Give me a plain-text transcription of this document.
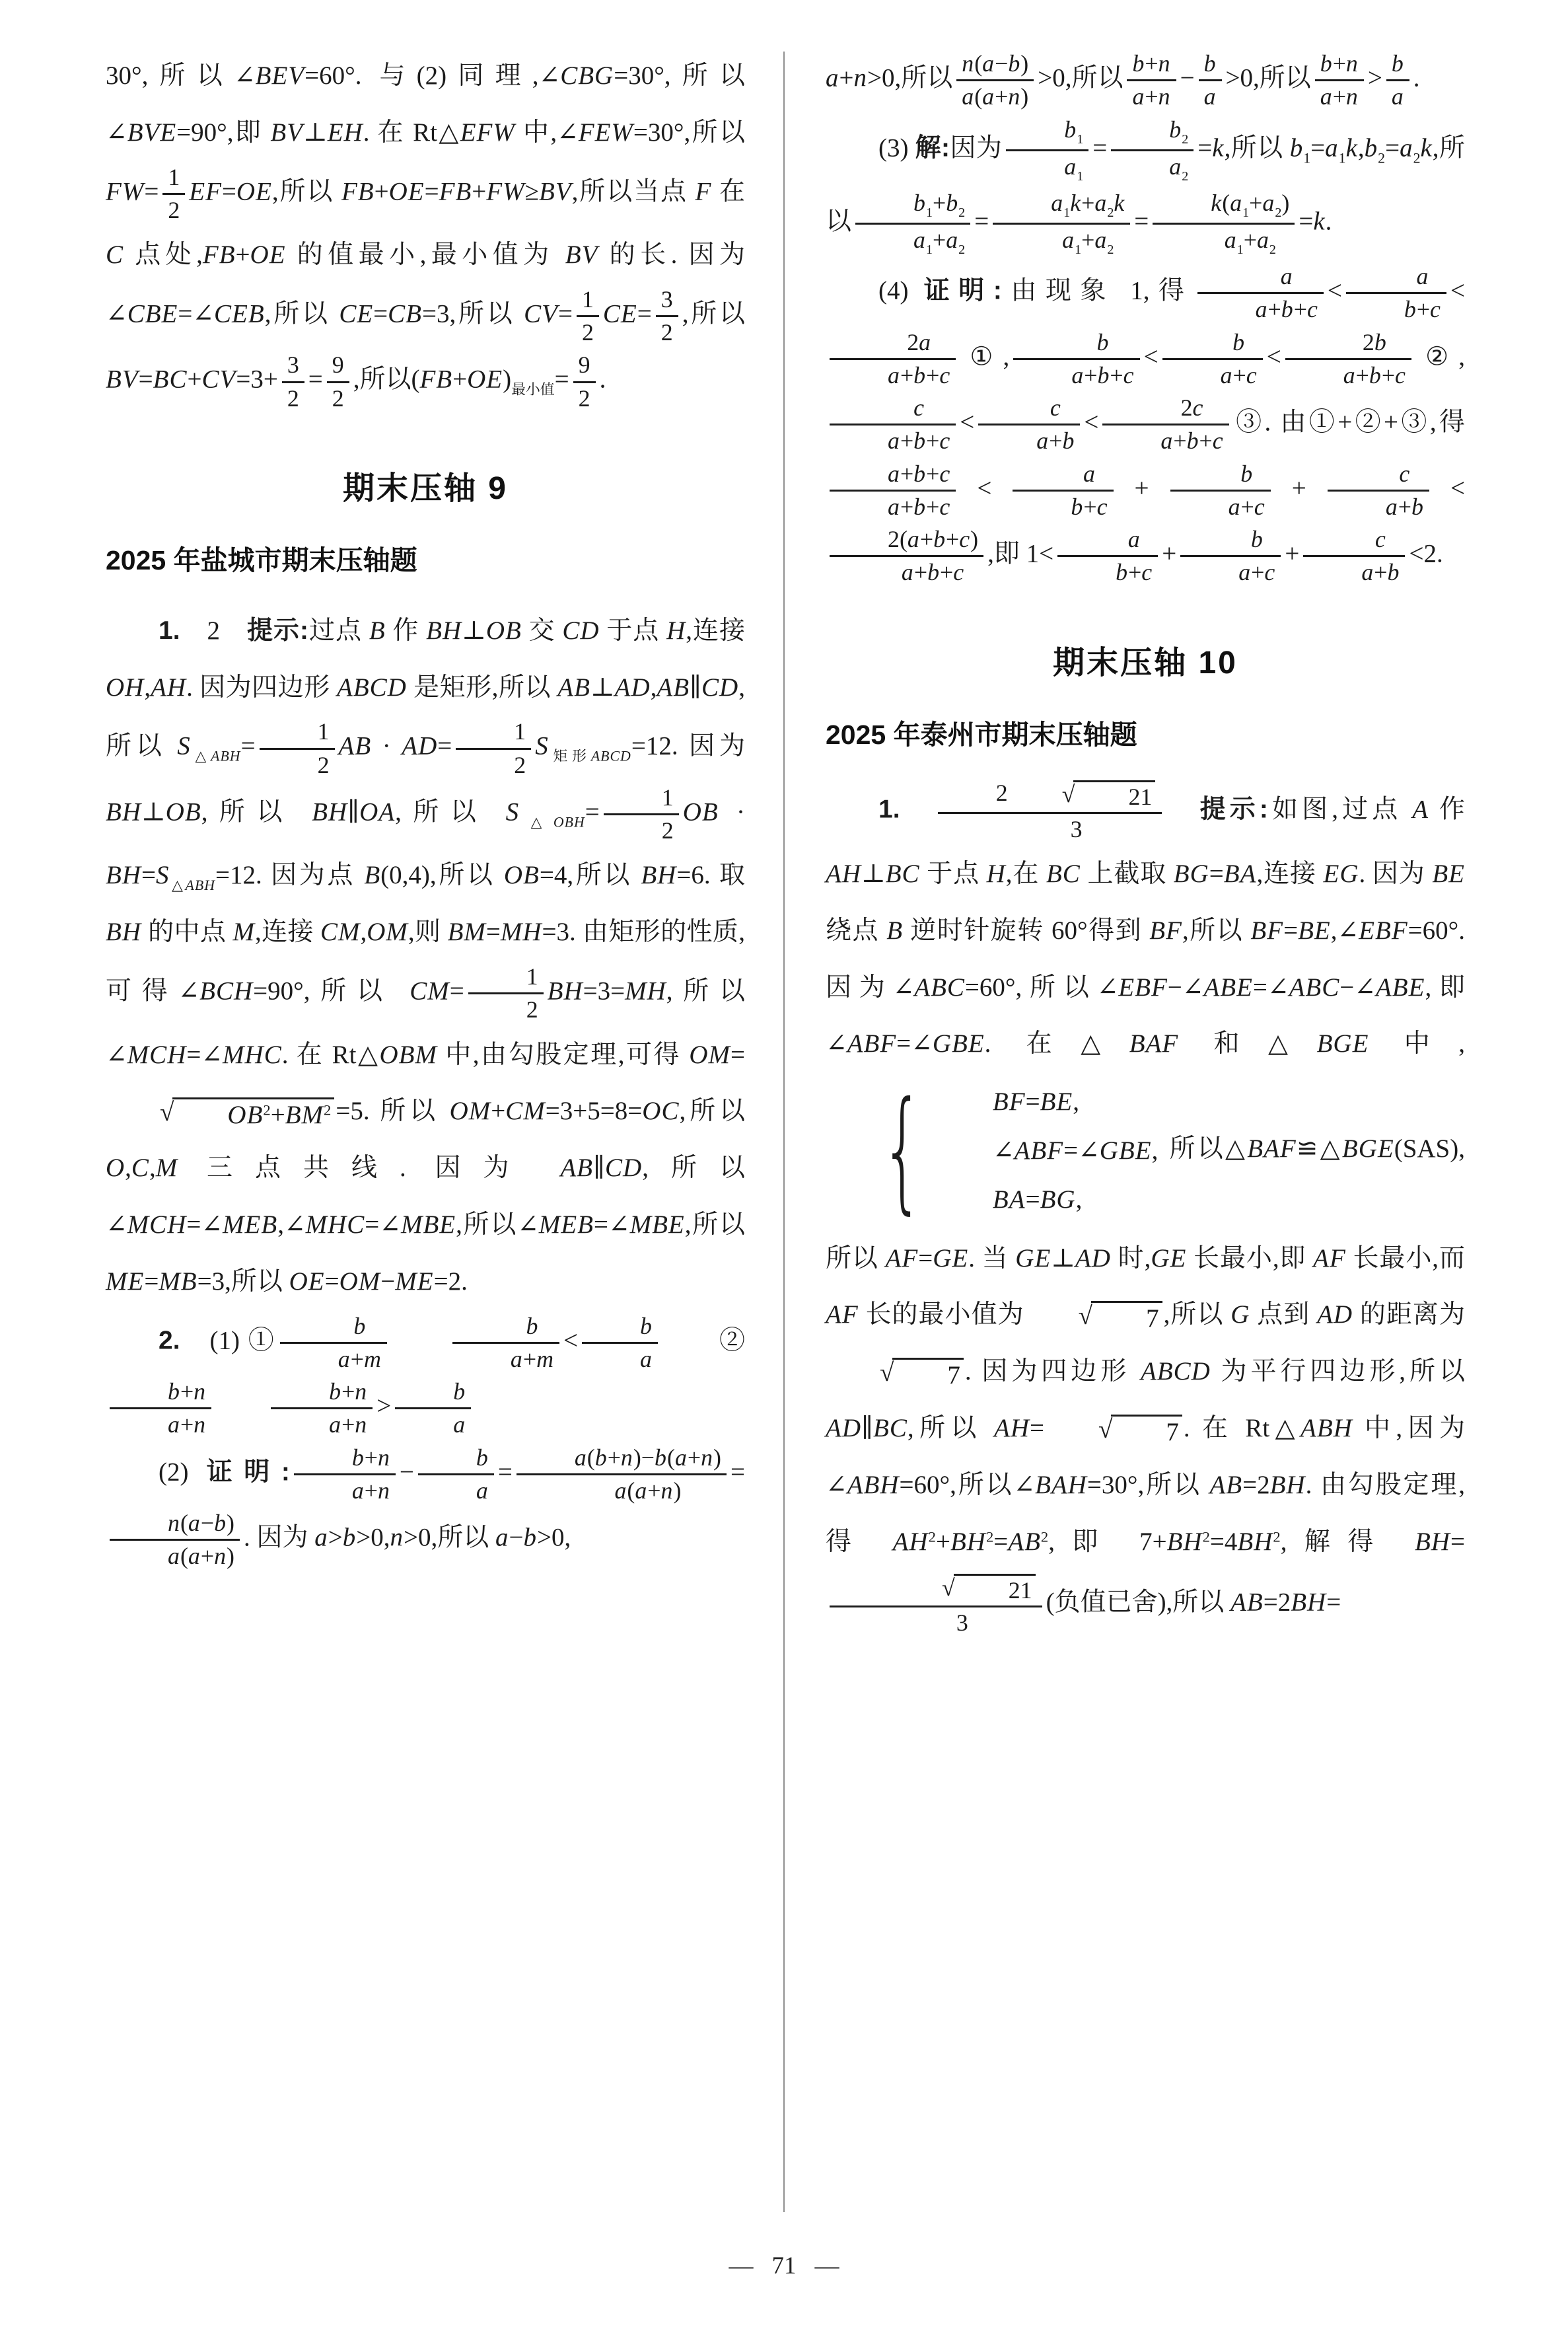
30°,所以∠BEV=60°. 与(2)同理,∠CBG=30°,所以∠BVE=90°,即 BV⊥EH. 在 Rt△EFW 中,∠FEW=30°,所以 $FW= \frac{1}{2} EF=OE$,所以 FB+OE=FB+FW≥BV,所以当点 F 在 C 点处,FB+OE 的值最小,最小值为 BV 的长. 因为∠CBE=∠CEB,所以 CE=CB=3,所以 $CV= \frac{1}{2} CE= \frac{3}{2}$ ,所以 $BV=BC+CV=3+ \frac{3}{2} = \frac{9}{2}$ ,所以$(FB+OE)_{最小值}= \frac{9}{2}$ .

期末压轴 9
2025 年盐城市期末压轴题

1.　2　提示:过点 B 作 BH⊥OB 交 CD 于点 H,连接 OH,AH. 因为四边形 ABCD 是矩形,所以 AB⊥AD,AB∥CD,所以 $S_{\triangle ABH}= \frac{1}{2}$ AB · $AD= \frac{1}{2} S_{矩形ABCD}=12$. 因为 BH⊥OB,所以 BH∥OA,所以 $S_{\triangle OBH}= \frac{1}{2}$ OB · $BH=S_{\triangle ABH}=12$. 因为点 B(0,4),所以 OB=4,所以 BH=6. 取 BH 的中点 M,连接 CM,OM,则 BM=MH=3. 由矩形的性质,可得∠BCH=90°,所以 $CM= \frac{1}{2} BH=3=MH$,所以∠MCH=∠MHC. 在 Rt△OBM 中,由勾股定理,可得 OM=
√	$OB^2+BM^2 =5$. 所以 OM+CM=3+5=8=OC,所以 O,C,M 三点共线. 因为 AB∥CD,所以∠MCH=∠MEB,∠MHC=∠MBE,所以∠MEB=∠MBE,所以 ME=MB=3,所以 OE=OM−ME=2.

2.　(1) ① $\frac{b}{a+m}$
　　	$\frac{b}{a+m} < \frac{b}{a}$ 　　②
$\frac{b+n}{a+n}$
　　	$\frac{b+n}{a+n} > \frac{b}{a}$

(2) 证明: $\frac{b+n}{a+n} - \frac{b}{a} = \frac{a(b+n)-b(a+n)}{a(a+n)}$ =
$\frac{n(a-b)}{a(a+n)}$ . 因为 a>b>0,n>0,所以 a−b>0,

a+n>0,所以 $\frac{n(a-b)}{a(a+n)} >0$,所以 $\frac{b+n}{a+n} - \frac{b}{a} >0$,所以 $\frac{b+n}{a+n} > \frac{b}{a}$ .

(3) 解:因为 $\frac{b_1}{a_1} = \frac{b_2}{a_2} =k$,所以 $b_1=a_1k,b_2=a_2k$,所以 $\frac{b_1+b_2}{a_1+a_2} = \frac{a_1k+a_2k}{a_1+a_2} = \frac{k(a_1+a_2)}{a_1+a_2} =k$.

(4) 证明:由现象 1,得 $\frac{a}{a+b+c} < \frac{a}{b+c}$ <
$\frac{2a}{a+b+c}$ ①, $\frac{b}{a+b+c} < \frac{b}{a+c} < \frac{2b}{a+b+c}$ ②,
$\frac{c}{a+b+c} < \frac{c}{a+b} < \frac{2c}{a+b+c}$ ③. 由①+②+③,得
$\frac{a+b+c}{a+b+c} < \frac{a}{b+c} + \frac{b}{a+c} + \frac{c}{a+b}$ <
$\frac{2(a+b+c)}{a+b+c}$ ,即 $1< \frac{a}{b+c} + \frac{b}{a+c} + \frac{c}{a+b} <2$.

期末压轴 10
2025 年泰州市期末压轴题

1.　 2	√	21
3
　 提示:如图,过点 A 作 AH⊥BC 于点 H,在 BC 上截取 BG=BA,连接 EG. 因为 BE 绕点 B 逆时针旋转 60°得到 BF,所以 BF=BE,∠EBF=60°. 因为∠ABC=60°,所以∠EBF−∠ABE=∠ABC−∠ABE,即∠ABF=∠GBE. 在△BAF 和△BGE 中,
{	BF=BE,
∠ABF=∠GBE,
BA=BG,
所以△BAF≌△BGE(SAS),所以 AF=GE. 当 GE⊥AD 时,GE 长最小,即 AF 长最小,而 AF 长的最小值为	√	7 ,所以 G 点到 AD 的距离为
√	7 . 因为四边形 ABCD 为平行四边形,所以 AD∥BC,所以 AH=	√	7 . 在 Rt△ABH 中,因为∠ABH=60°,所以∠BAH=30°,所以 AB=2BH. 由勾股定理,得 $AH^2+BH^2=AB^2$,即 $7+BH^2=4BH^2$,解得 BH=
√	21
3 (负值已舍),所以 AB=2BH=

— 71 —
